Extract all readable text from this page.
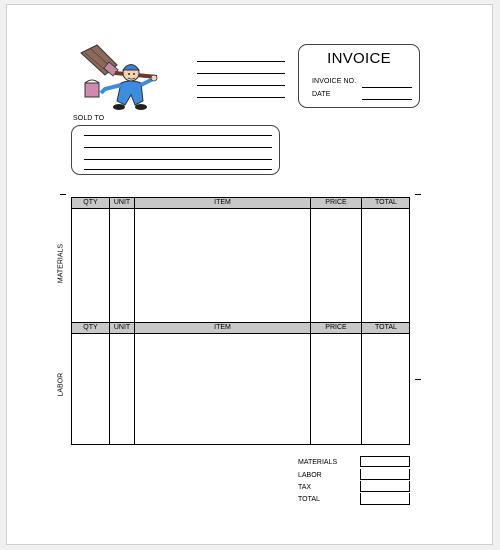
INVOICE
INVOICE NO.
DATE
SOLD TO
QTY	UNIT	ITEM	PRICE	TOTAL
QTY	UNIT	ITEM	PRICE	TOTAL
MATERIALS
LABOR
MATERIALS
LABOR
TAX
TOTAL
